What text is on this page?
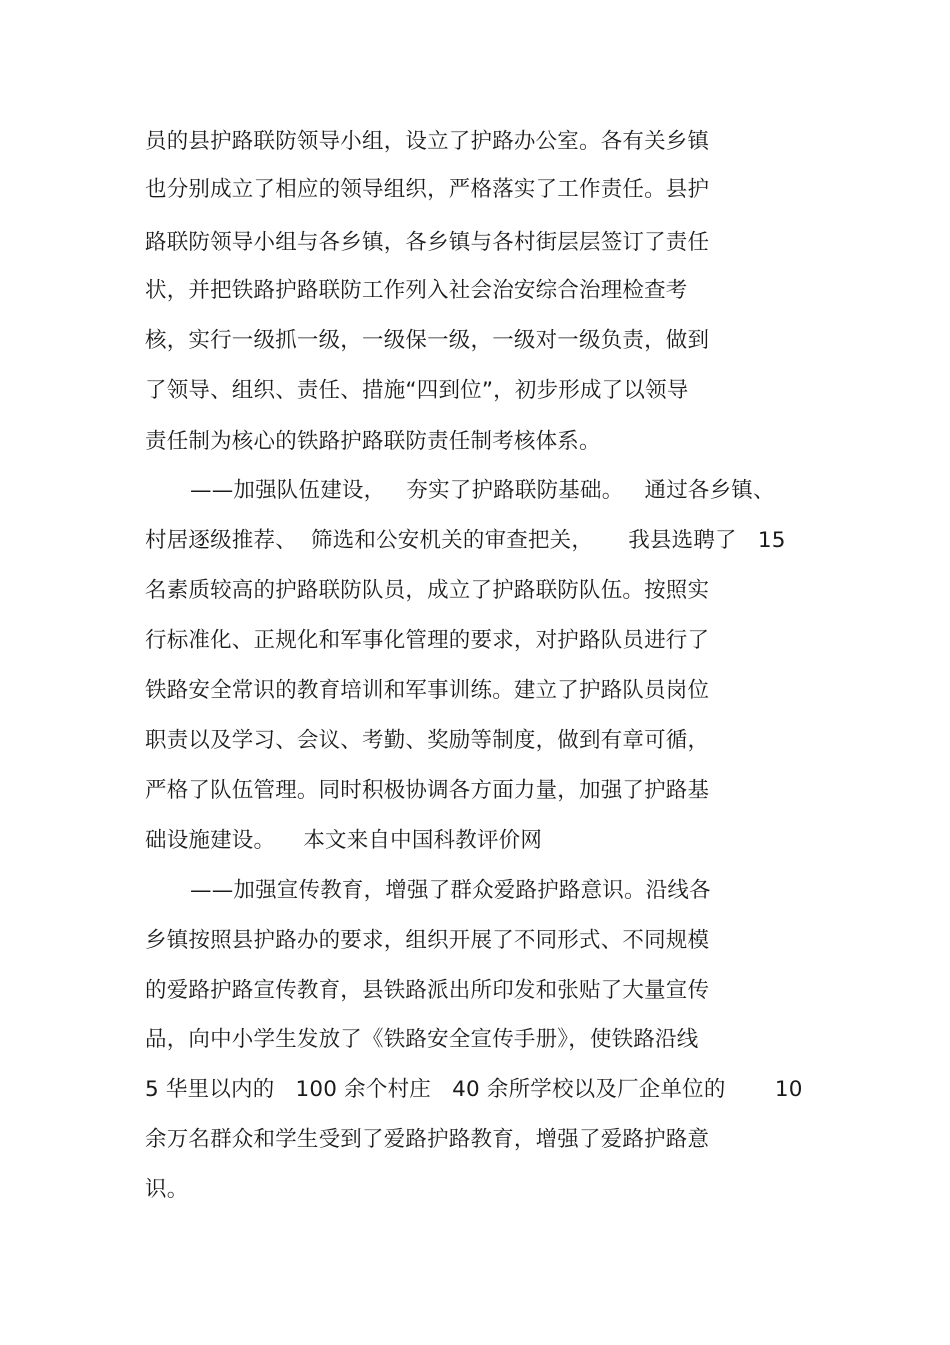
员的县护路联防领导小组，设立了护路办公室。各有关乡镇
也分别成立了相应的领导组织，严格落实了工作责任。县护
路联防领导小组与各乡镇，各乡镇与各村街层层签订了责任
状，并把铁路护路联防工作列入社会治安综合治理检查考
核，实行一级抓一级，一级保一级，一级对一级负责，做到
了领导、组织、责任、措施“四到位”，初步形成了以领导
责任制为核心的铁路护路联防责任制考核体系。
——加强队伍建设，   夯实了护路联防基础。   通过各乡镇、
村居逐级推荐、  筛选和公安机关的审查把关，     我县选聘了   15
名素质较高的护路联防队员，成立了护路联防队伍。按照实
行标准化、正规化和军事化管理的要求，对护路队员进行了
铁路安全常识的教育培训和军事训练。建立了护路队员岗位
职责以及学习、会议、考勤、奖励等制度，做到有章可循，
严格了队伍管理。同时积极协调各方面力量，加强了护路基
础设施建设。    本文来自中国科教评价网
——加强宣传教育，增强了群众爱路护路意识。沿线各
乡镇按照县护路办的要求，组织开展了不同形式、不同规模
的爱路护路宣传教育，县铁路派出所印发和张贴了大量宣传
品，向中小学生发放了《铁路安全宣传手册》，使铁路沿线
5 华里以内的   100 余个村庄   40 余所学校以及厂企单位的       10
余万名群众和学生受到了爱路护路教育，增强了爱路护路意
识。
